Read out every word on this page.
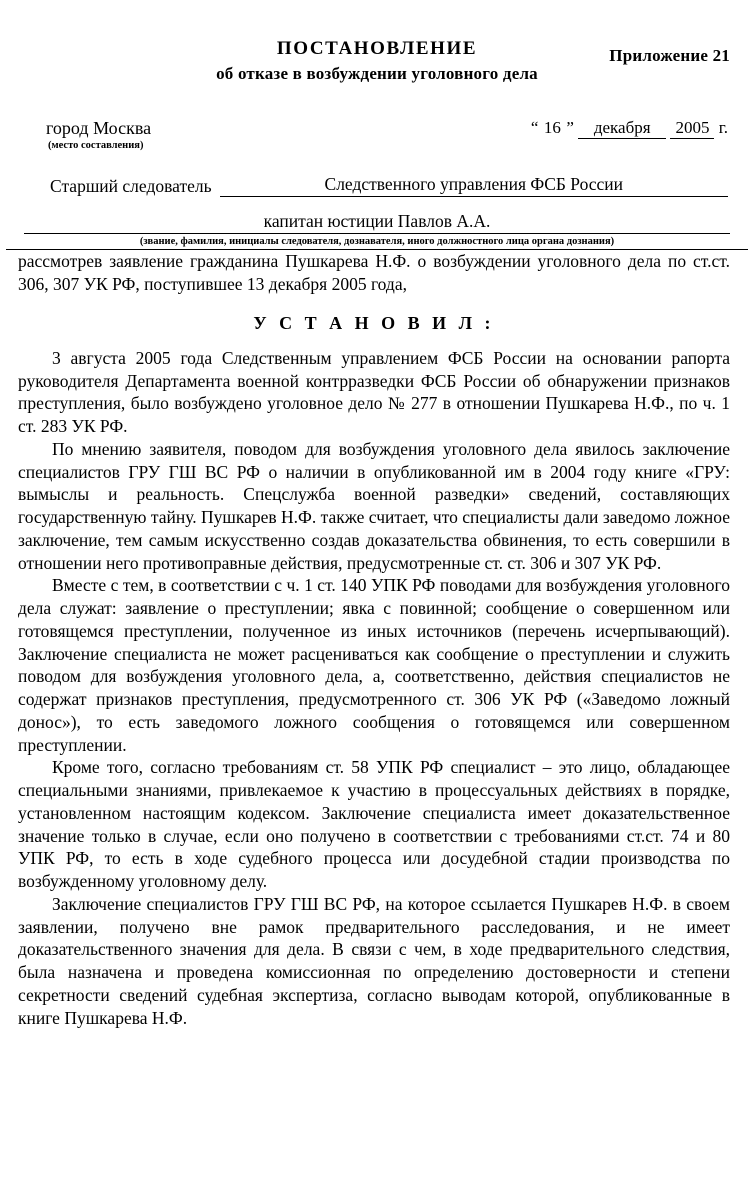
Приложение 21
ПОСТАНОВЛЕНИЕ
об отказе в возбуждении уголовного дела
город Москва
(место составления)
“ 16 ” декабря 2005 г.
Старший следователь	Следственного управления ФСБ России
капитан юстиции Павлов А.А.
(звание, фамилия, инициалы следователя, дознавателя, иного должностного лица органа дознания)

рассмотрев заявление гражданина Пушкарева Н.Ф. о возбуждении уголовного дела по ст.ст. 306, 307 УК РФ, поступившее 13 декабря 2005 года,

У С Т А Н О В И Л :

3 августа 2005 года Следственным управлением ФСБ России на основании рапорта руководителя Департамента военной контрразведки ФСБ России об обнаружении признаков преступления, было возбуждено уголовное дело № 277 в отношении Пушкарева Н.Ф., по ч. 1 ст. 283 УК РФ.

По мнению заявителя, поводом для возбуждения уголовного дела явилось заключение специалистов ГРУ ГШ ВС РФ о наличии в опубликованной им в 2004 году книге «ГРУ: вымыслы и реальность. Спецслужба военной разведки» сведений, составляющих государственную тайну. Пушкарев Н.Ф. также считает, что специалисты дали заведомо ложное заключение, тем самым искусственно создав доказательства обвинения, то есть совершили в отношении него противоправные действия, предусмотренные ст. ст. 306 и 307 УК РФ.

Вместе с тем, в соответствии с ч. 1 ст. 140 УПК РФ поводами для возбуждения уголовного дела служат: заявление о преступлении; явка с повинной; сообщение о совершенном или готовящемся преступлении, полученное из иных источников (перечень исчерпывающий). Заключение специалиста не может расцениваться как сообщение о преступлении и служить поводом для возбуждения уголовного дела, а, соответственно, действия специалистов не содержат признаков преступления, предусмотренного ст. 306 УК РФ («Заведомо ложный донос»), то есть заведомого ложного сообщения о готовящемся или совершенном преступлении.

Кроме того, согласно требованиям ст. 58 УПК РФ специалист – это лицо, обладающее специальными знаниями, привлекаемое к участию в процессуальных действиях в порядке, установленном настоящим кодексом. Заключение специалиста имеет доказательственное значение только в случае, если оно получено в соответствии с требованиями ст.ст. 74 и 80 УПК РФ, то есть в ходе судебного процесса или досудебной стадии производства по возбужденному уголовному делу.

Заключение специалистов ГРУ ГШ ВС РФ, на которое ссылается Пушкарев Н.Ф. в своем заявлении, получено вне рамок предварительного расследования, и не имеет доказательственного значения для дела. В связи с чем, в ходе предварительного следствия, была назначена и проведена комиссионная по определению достоверности и степени секретности сведений судебная экспертиза, согласно выводам которой, опубликованные в книге Пушкарева Н.Ф.
